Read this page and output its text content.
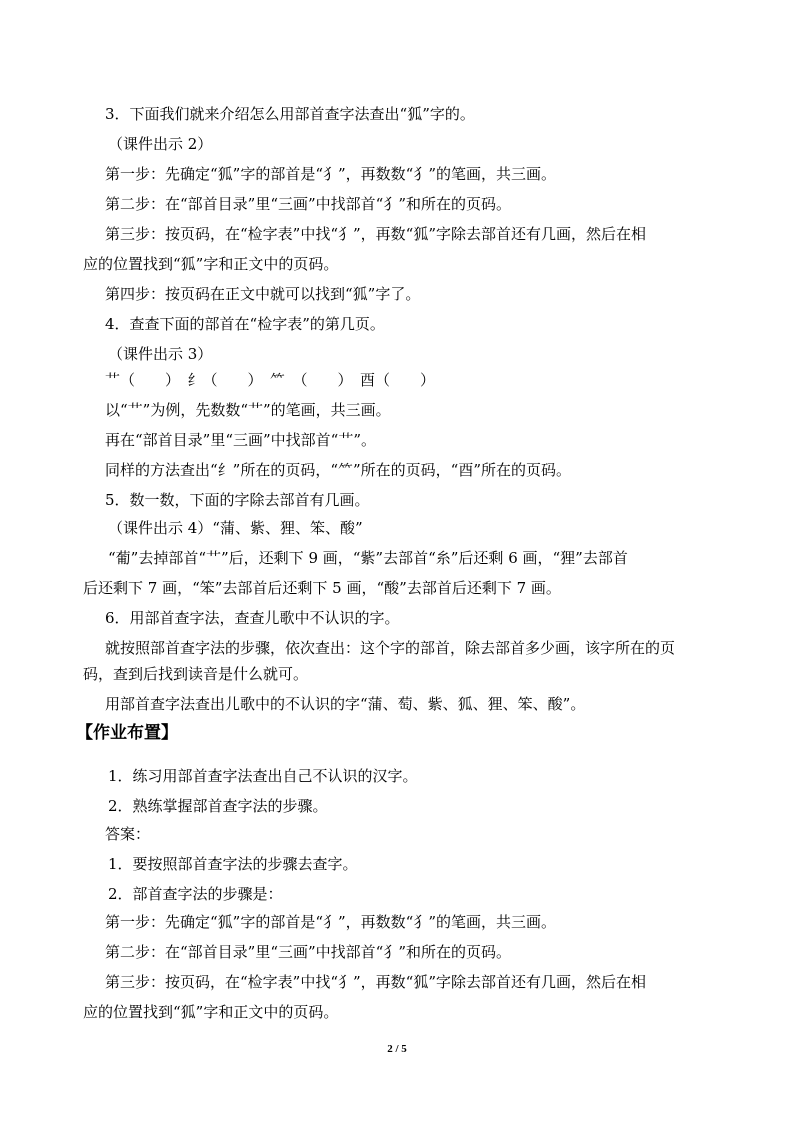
3．下面我们就来介绍怎么用部首查字法查出“狐”字的。
（课件出示 2）
第一步：先确定“狐”字的部首是“犭”，再数数“犭”的笔画，共三画。
第二步：在“部首目录”里“三画”中找部首“犭”和所在的页码。
第三步：按页码，在“检字表”中找“犭”，再数“狐”字除去部首还有几画，然后在相
应的位置找到“狐”字和正文中的页码。
第四步：按页码在正文中就可以找到“狐”字了。
4．查查下面的部首在“检字表”的第几页。
（课件出示 3）
艹（　　）　纟（　　）　⺮　（　　）　酉（　　）
以“艹”为例，先数数“艹”的笔画，共三画。
再在“部首目录”里“三画”中找部首“艹”。
同样的方法查出“纟”所在的页码，“⺮”所在的页码，“酉”所在的页码。
5．数一数，下面的字除去部首有几画。
（课件出示 4）“蒲、紫、狸、笨、酸”
“葡”去掉部首“艹”后，还剩下 9 画，“紫”去部首“糸”后还剩 6 画，“狸”去部首
后还剩下 7 画，“笨”去部首后还剩下 5 画，“酸”去部首后还剩下 7 画。
6．用部首查字法，查查儿歌中不认识的字。
就按照部首查字法的步骤，依次查出：这个字的部首，除去部首多少画，该字所在的页
码，查到后找到读音是什么就可。
用部首查字法查出儿歌中的不认识的字“蒲、萄、紫、狐、狸、笨、酸”。
【作业布置】
1．练习用部首查字法查出自己不认识的汉字。
2．熟练掌握部首查字法的步骤。
答案：
1．要按照部首查字法的步骤去查字。
2．部首查字法的步骤是：
第一步：先确定“狐”字的部首是“犭”，再数数“犭”的笔画，共三画。
第二步：在“部首目录”里“三画”中找部首“犭”和所在的页码。
第三步：按页码，在“检字表”中找“犭”，再数“狐”字除去部首还有几画，然后在相
应的位置找到“狐”字和正文中的页码。
2 / 5
